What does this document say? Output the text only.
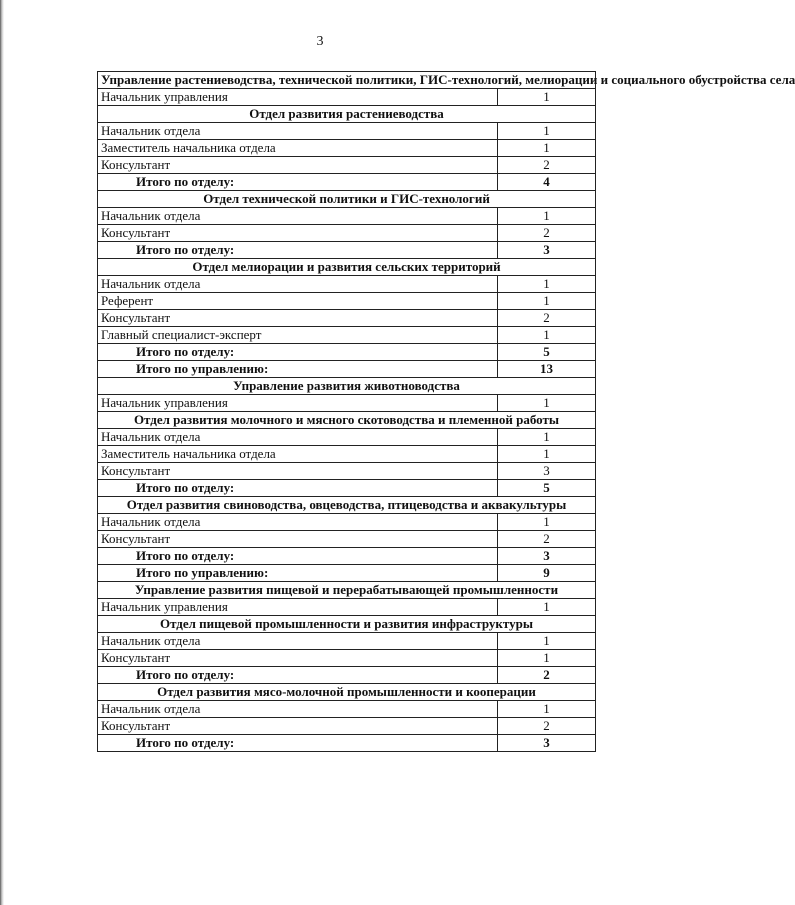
3
Управление растениеводства, технической политики, ГИС-технологий, мелиорации и социального обустройства села	
Начальник управления	1
Отдел развития растениеводства	
Начальник отдела	1
Заместитель начальника отдела	1
Консультант	2
Итого по отделу:	4
Отдел технической политики и ГИС-технологий	
Начальник отдела	1
Консультант	2
Итого по отделу:	3
Отдел мелиорации и развития сельских территорий	
Начальник отдела	1
Референт	1
Консультант	2
Главный специалист-эксперт	1
Итого по отделу:	5
Итого по управлению:	13
Управление развития животноводства	
Начальник управления	1
Отдел развития молочного и мясного скотоводства и племенной работы	
Начальник отдела	1
Заместитель начальника отдела	1
Консультант	3
Итого по отделу:	5
Отдел развития свиноводства, овцеводства, птицеводства и аквакультуры	
Начальник отдела	1
Консультант	2
Итого по отделу:	3
Итого по управлению:	9
Управление развития пищевой и перерабатывающей промышленности	
Начальник управления	1
Отдел пищевой промышленности и развития инфраструктуры	
Начальник отдела	1
Консультант	1
Итого по отделу:	2
Отдел развития мясо-молочной промышленности и кооперации	
Начальник отдела	1
Консультант	2
Итого по отделу:	3
